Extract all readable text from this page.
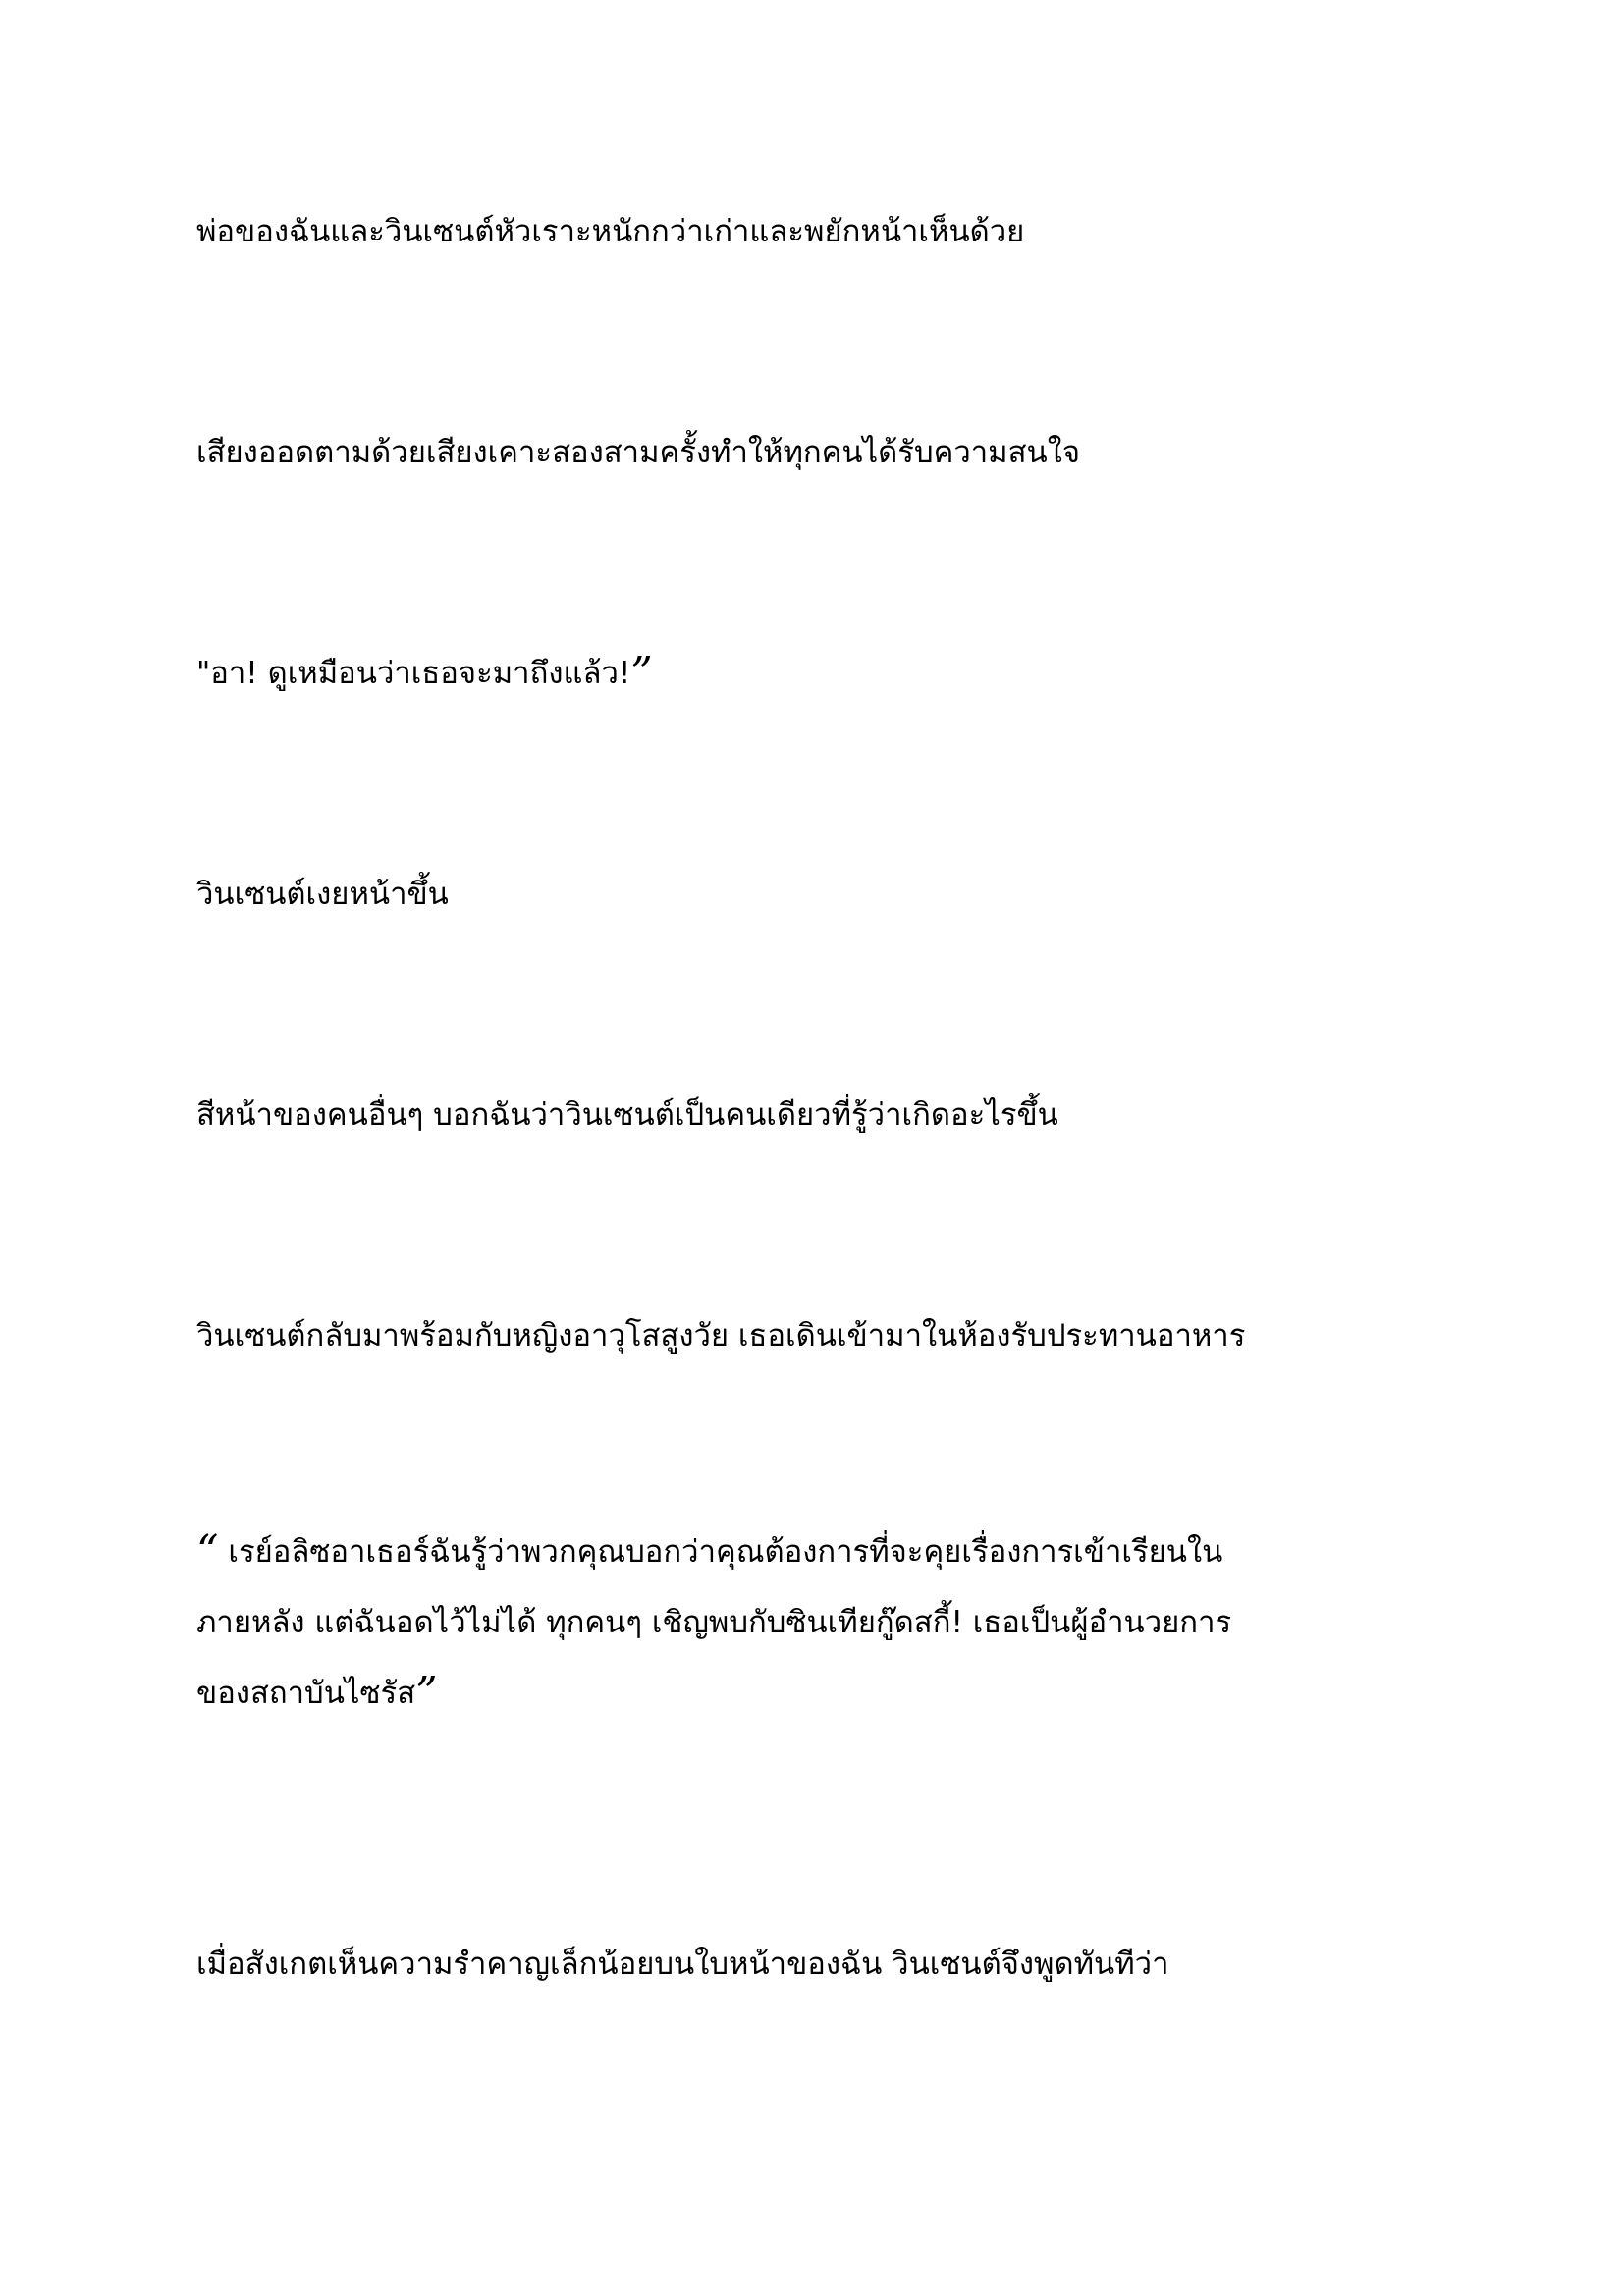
พ่อของฉันและวินเซนต์หัวเราะหนักกว่าเก่าและพยักหน้าเห็นด้วย

เสียงออดตามด้วยเสียงเคาะสองสามครั้งทำให้ทุกคนได้รับความสนใจ

"อา! ดูเหมือนว่าเธอจะมาถึงแล้ว!”

วินเซนต์เงยหน้าขึ้น

สีหน้าของคนอื่นๆ บอกฉันว่าวินเซนต์เป็นคนเดียวที่รู้ว่าเกิดอะไรขึ้น

วินเซนต์กลับมาพร้อมกับหญิงอาวุโสสูงวัย เธอเดินเข้ามาในห้องรับประทานอาหาร

“ เรย์อลิซอาเธอร์ฉันรู้ว่าพวกคุณบอกว่าคุณต้องการที่จะคุยเรื่องการเข้าเรียนใน
ภายหลัง แต่ฉันอดไว้ไม่ได้ ทุกคนๆ เชิญพบกับซินเทียกู๊ดสกี้! เธอเป็นผู้อำนวยการ
ของสถาบันไซรัส”

เมื่อสังเกตเห็นความรำคาญเล็กน้อยบนใบหน้าของฉัน วินเซนต์จึงพูดทันทีว่า
